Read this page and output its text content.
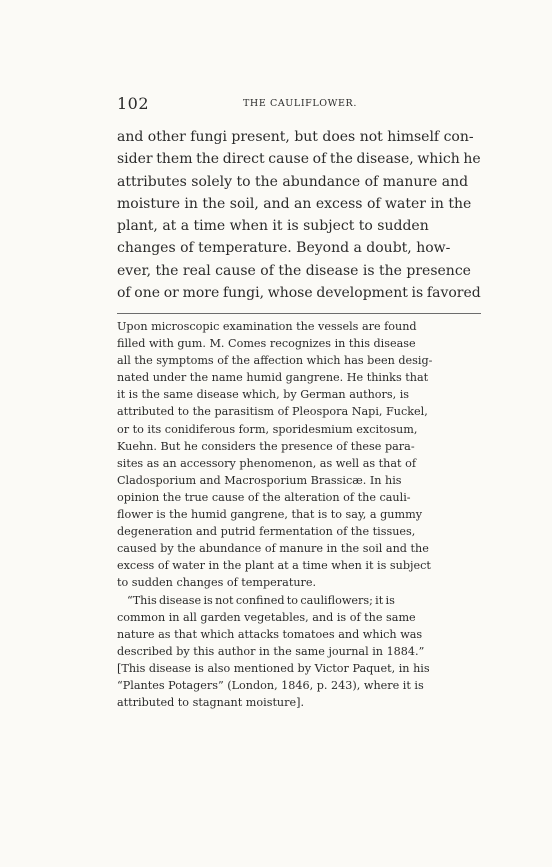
102	THE CAULIFLOWER.
and other fungi present, but does not himself con-
sider them the direct cause of the disease, which he
attributes solely to the abundance of manure and
moisture in the soil, and an excess of water in the
plant, at a time when it is subject to sudden
changes of temperature. Beyond a doubt, how-
ever, the real cause of the disease is the presence
of one or more fungi, whose development is favored
Upon microscopic examination the vessels are found
filled with gum. M. Comes recognizes in this disease
all the symptoms of the affection which has been desig-
nated under the name humid gangrene. He thinks that
it is the same disease which, by German authors, is
attributed to the parasitism of Pleospora Napi, Fuckel,
or to its conidiferous form, sporidesmium excitosum,
Kuehn. But he considers the presence of these para-
sites as an accessory phenomenon, as well as that of
Cladosporium and Macrosporium Brassicæ. In his
opinion the true cause of the alteration of the cauli-
flower is the humid gangrene, that is to say, a gummy
degeneration and putrid fermentation of the tissues,
caused by the abundance of manure in the soil and the
excess of water in the plant at a time when it is subject
to sudden changes of temperature.
“This disease is not confined to cauliflowers; it is
common in all garden vegetables, and is of the same
nature as that which attacks tomatoes and which was
described by this author in the same journal in 1884.”
[This disease is also mentioned by Victor Paquet, in his
“Plantes Potagers” (London, 1846, p. 243), where it is
attributed to stagnant moisture].
